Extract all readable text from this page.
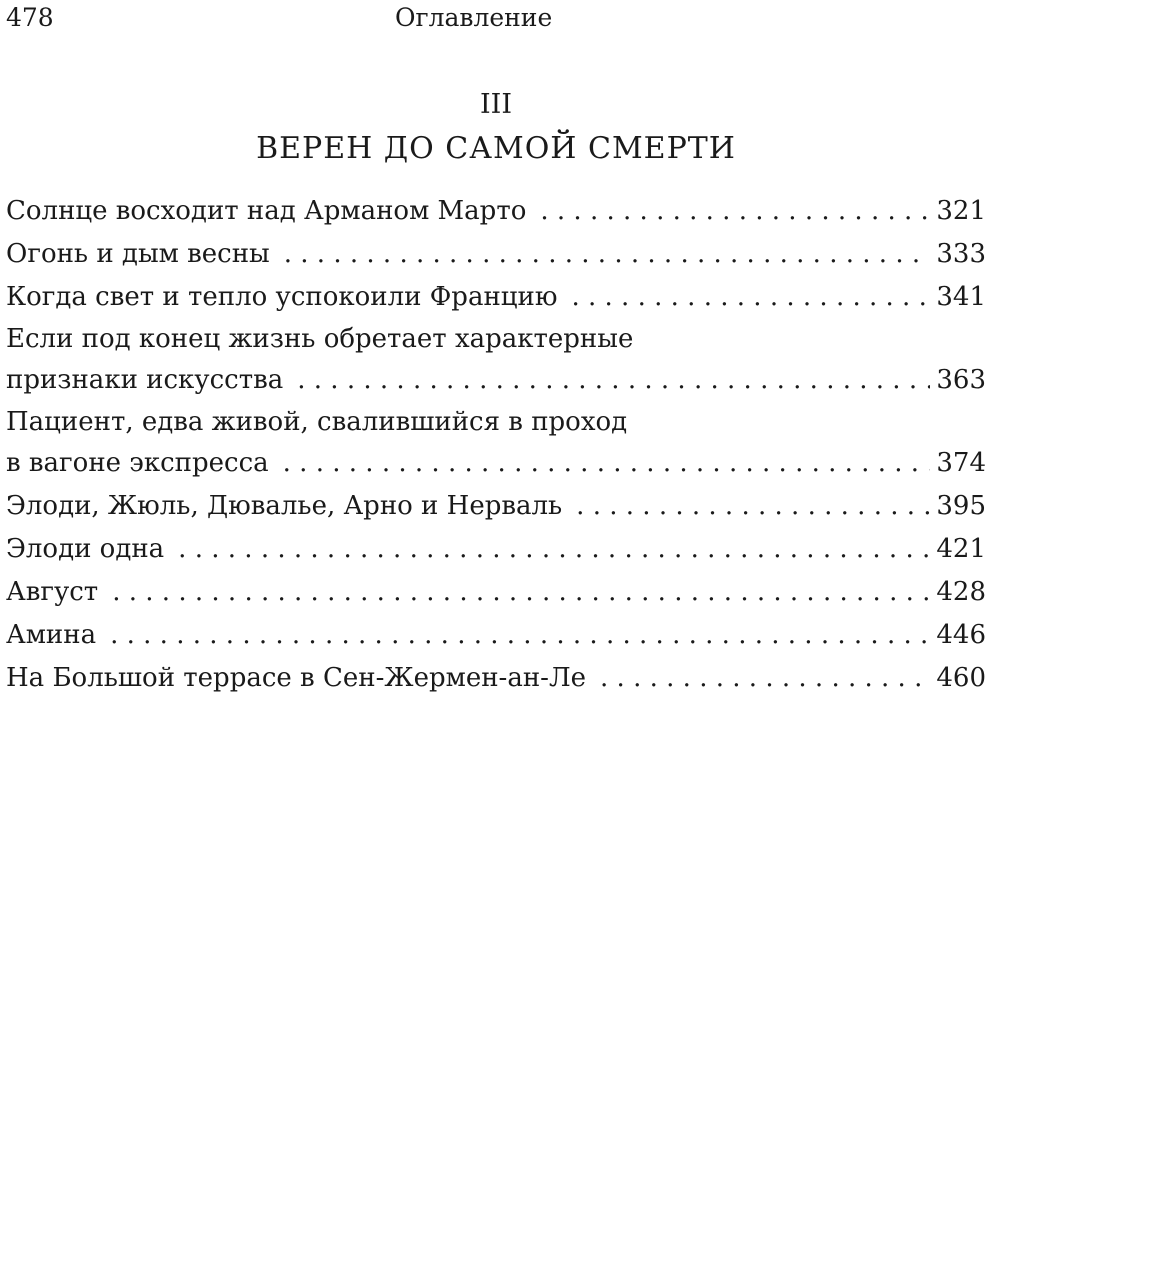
478	Оглавление
III
ВЕРЕН ДО САМОЙ СМЕРТИ
Солнце восходит над Арманом Марто . . .	321
Огонь и дым весны . . .	333
Когда свет и тепло успокоили Францию . . .	341
Если под конец жизнь обретает характерные
признаки искусства . . .	363
Пациент, едва живой, свалившийся в проход
в вагоне экспресса . . .	374
Элоди, Жюль, Дювалье, Арно и Нерваль . . .	395
Элоди одна . . .	421
Август . . .	428
Амина . . .	446
На Большой террасе в Сен-Жермен-ан-Ле . . .	460
